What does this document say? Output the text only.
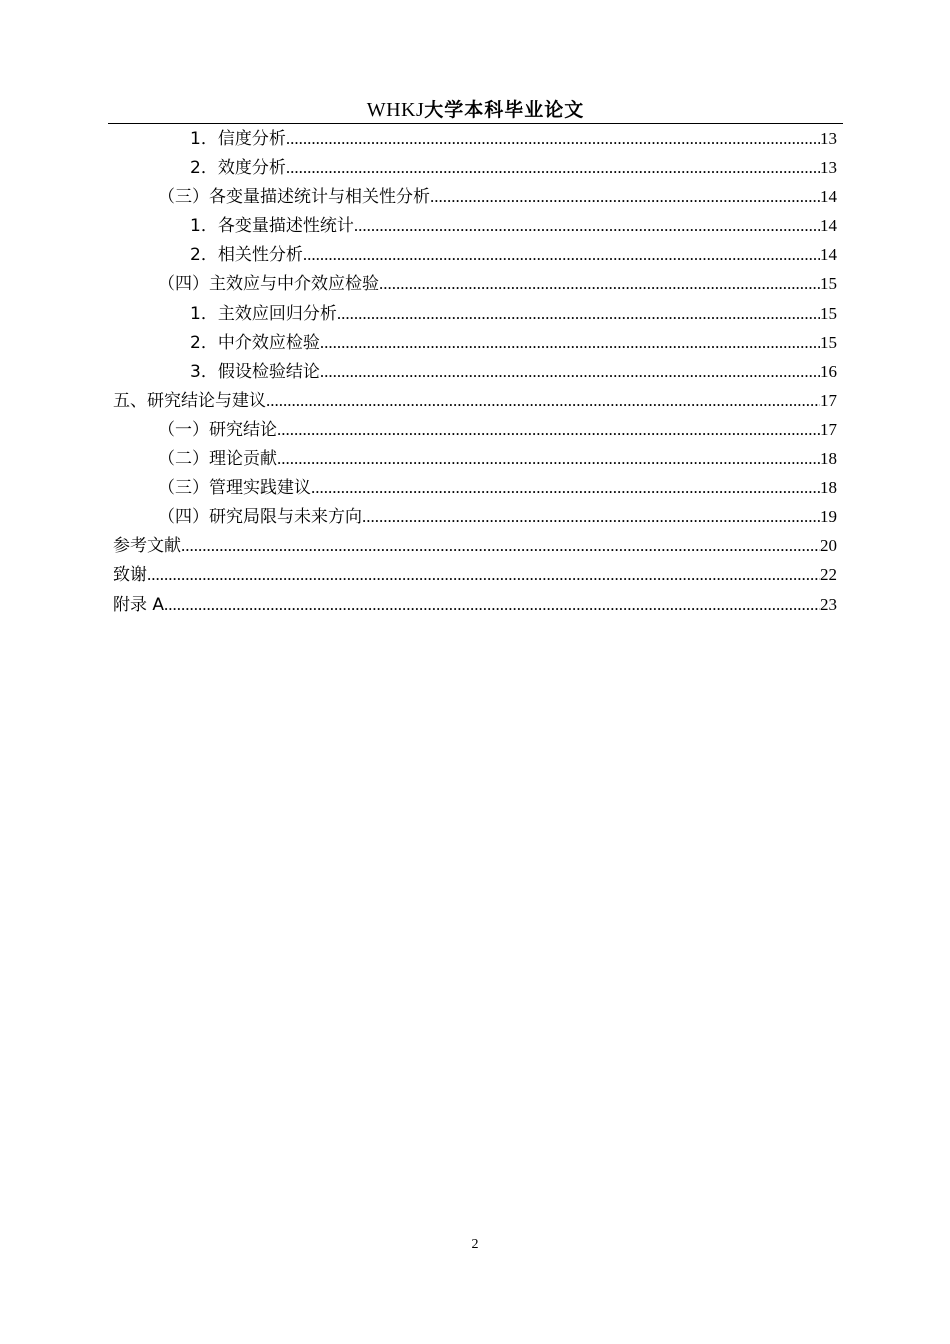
WHKJ大学本科毕业论文
1．信度分析 .....	13
2．效度分析 .....	13
（三）各变量描述统计与相关性分析 .....	14
1．各变量描述性统计 .....	14
2．相关性分析 .....	14
（四）主效应与中介效应检验 .....	15
1．主效应回归分析 .....	15
2．中介效应检验 .....	15
3．假设检验结论 .....	16
五、研究结论与建议 .....	17
（一）研究结论 .....	17
（二）理论贡献 .....	18
（三）管理实践建议 .....	18
（四）研究局限与未来方向 .....	19
参考文献 .....	20
致谢 .....	22
附录 A .....	23
2
